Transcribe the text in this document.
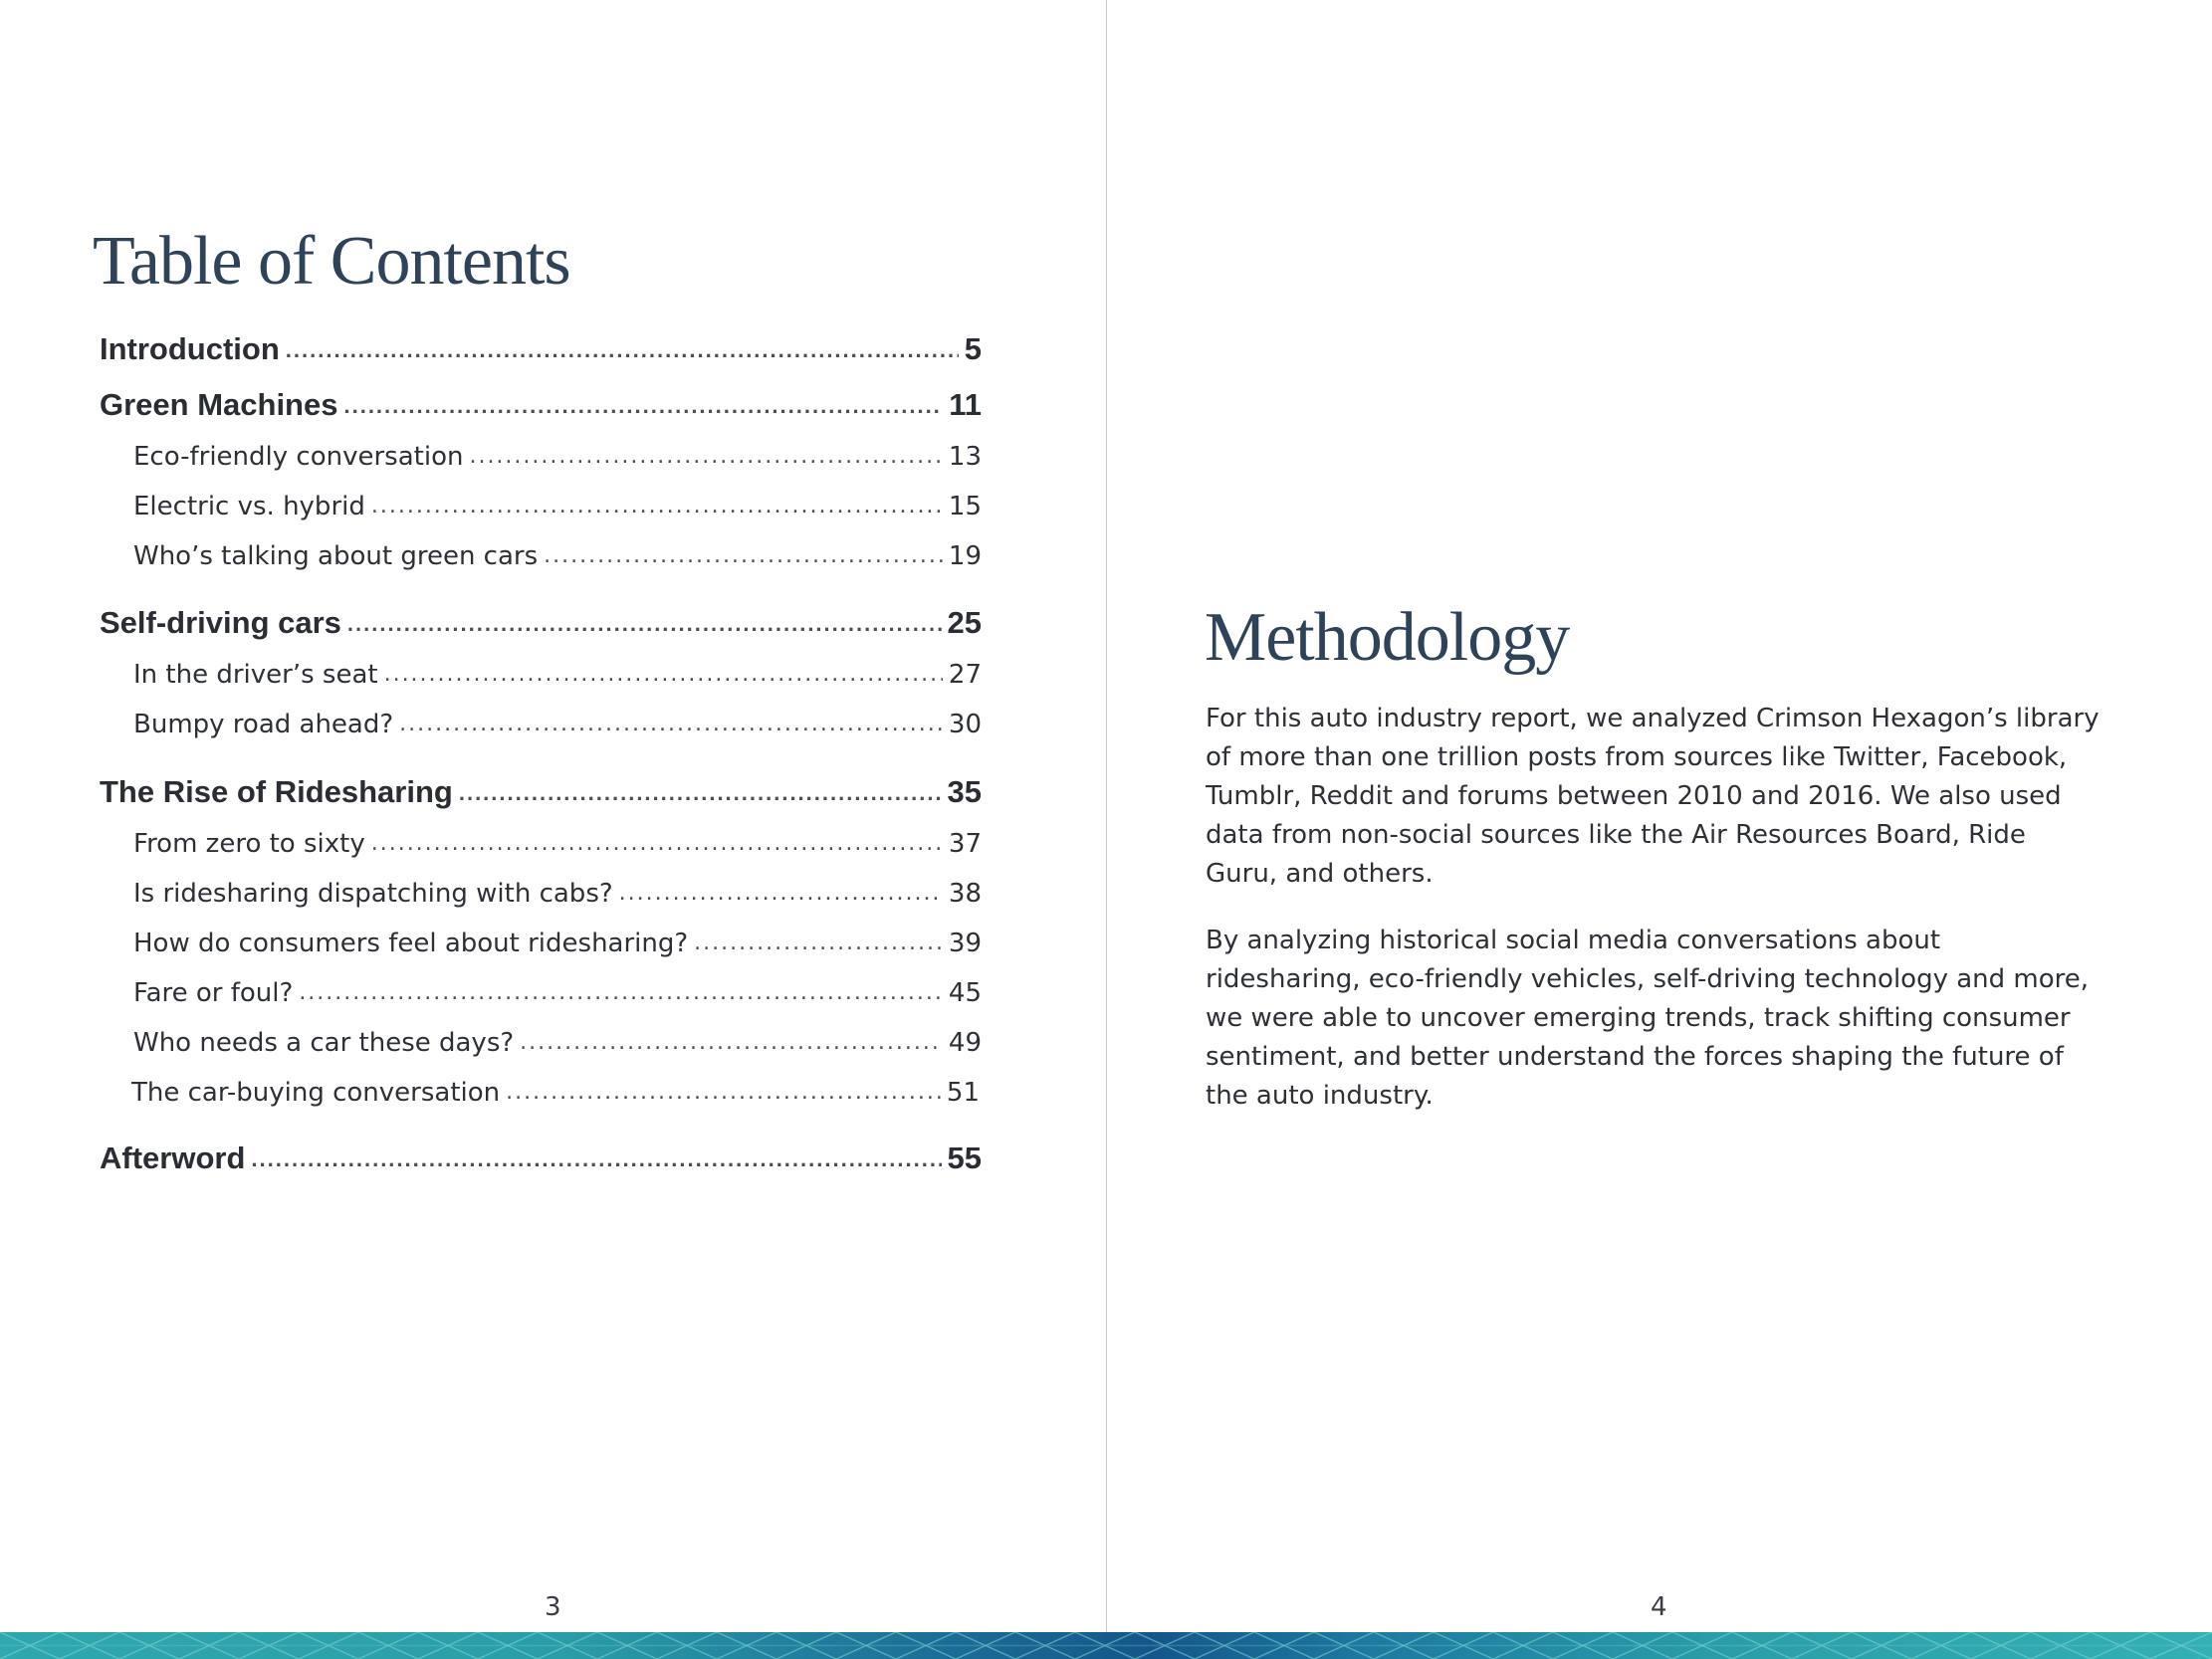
Table of Contents
Introduction .....	5
Green Machines .....	11
Eco-friendly conversation .....	13
Electric vs. hybrid .....	15
Who’s talking about green cars .....	19
Self-driving cars .....	25
In the driver’s seat .....	27
Bumpy road ahead? .....	30
The Rise of Ridesharing .....	35
From zero to sixty .....	37
Is ridesharing dispatching with cabs? .....	38
How do consumers feel about ridesharing? .....	39
Fare or foul? .....	45
Who needs a car these days? .....	49
The car-buying conversation .....	51
Afterword .....	55
3
Methodology

For this auto industry report, we analyzed Crimson Hexagon’s library of more than one trillion posts from sources like Twitter, Facebook, Tumblr, Reddit and forums between 2010 and 2016. We also used data from non-social sources like the Air Resources Board, Ride Guru, and others.

By analyzing historical social media conversations about ridesharing, eco-friendly vehicles, self-driving technology and more, we were able to uncover emerging trends, track shifting consumer sentiment, and better understand the forces shaping the future of the auto industry.

4
